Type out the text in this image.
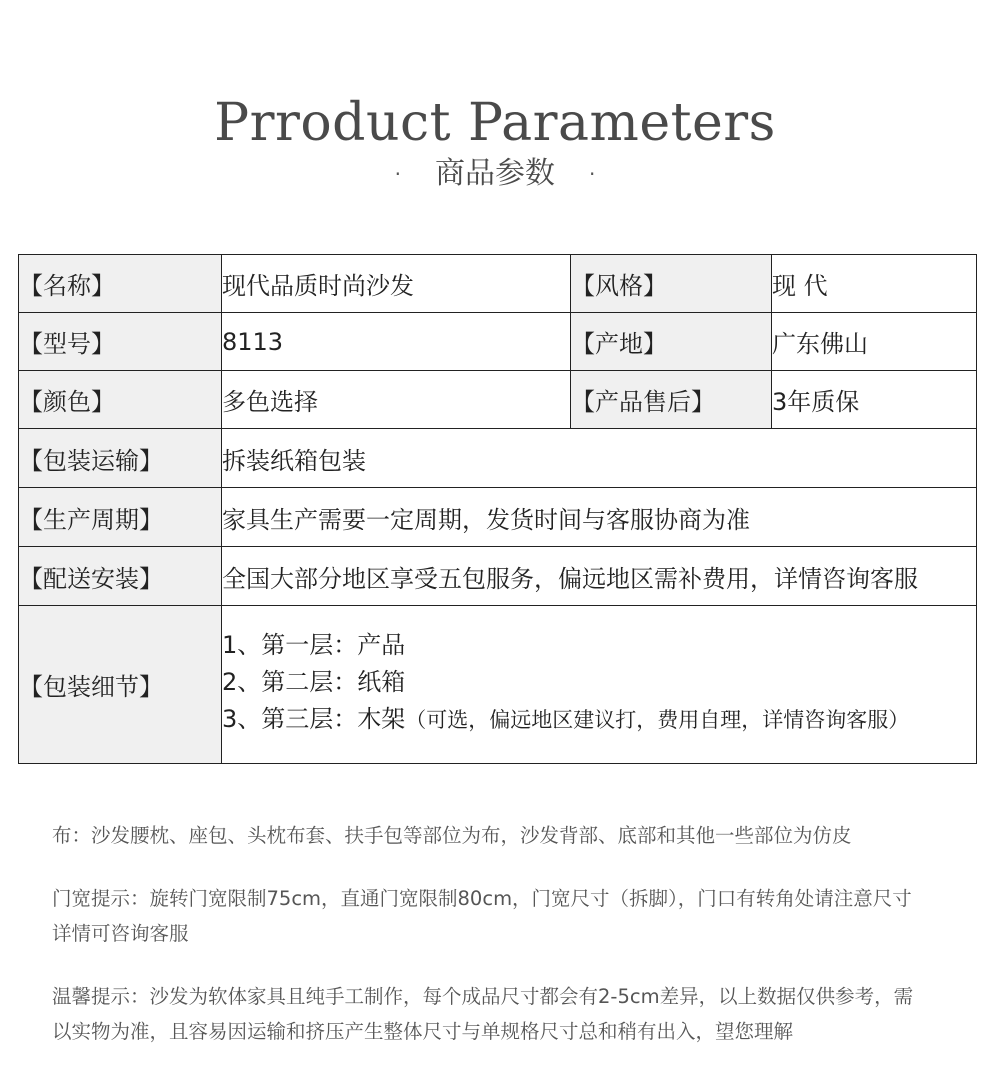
Prroduct Parameters
· 商品参数 ·
【名称】	现代品质时尚沙发	【风格】	现 代
【型号】	8113	【产地】	广东佛山
【颜色】	多色选择	【产品售后】	3年质保
【包装运输】	拆装纸箱包装		
【生产周期】	家具生产需要一定周期，发货时间与客服协商为准		
【配送安装】	全国大部分地区享受五包服务，偏远地区需补费用，详情咨询客服		
【包装细节】	1、第一层：产品
2、第二层：纸箱
3、第三层：木架（可选，偏远地区建议打，费用自理，详情咨询客服）		
布：沙发腰枕、座包、头枕布套、扶手包等部位为布，沙发背部、底部和其他一些部位为仿皮
门宽提示：旋转门宽限制75cm，直通门宽限制80cm，门宽尺寸（拆脚），门口有转角处请注意尺寸
详情可咨询客服
温馨提示：沙发为软体家具且纯手工制作，每个成品尺寸都会有2-5cm差异，以上数据仅供参考，需
以实物为准，且容易因运输和挤压产生整体尺寸与单规格尺寸总和稍有出入，望您理解
